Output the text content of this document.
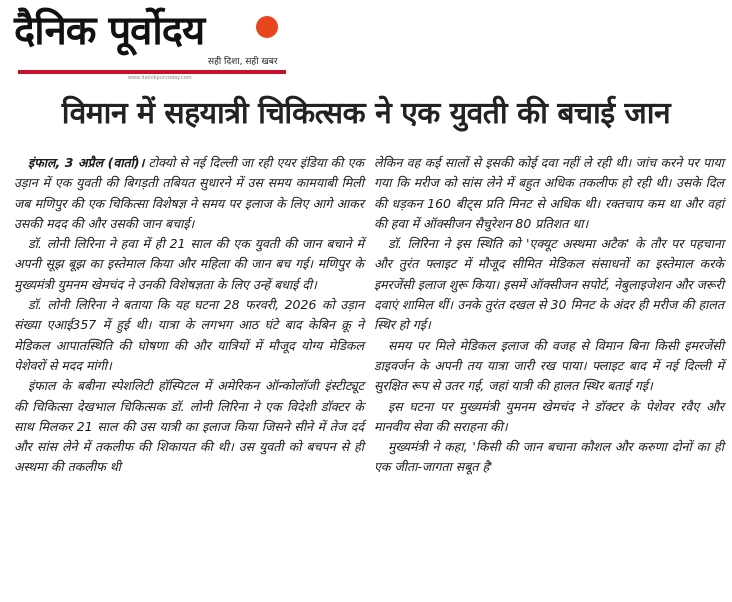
दैनिक पूर्वोदय
सही दिशा, सही खबर
www.dainikpurvoday.com
विमान में सहयात्री चिकित्सक ने एक युवती की बचाई जान

इंफाल, 3 अप्रैल (वार्ता)। टोक्यो से नई दिल्ली जा रही एयर इंडिया की एक उड़ान में एक युवती की बिगड़ती तबियत सुधारने में उस समय कामयाबी मिली जब मणिपुर की एक चिकित्सा विशेषज्ञ ने समय पर इलाज के लिए आगे आकर उसकी मदद की और उसकी जान बचाई।

डॉ. लोनी लिरिना ने हवा में ही 21 साल की एक युवती की जान बचाने में अपनी सूझ बूझ का इस्तेमाल किया और महिला की जान बच गई। मणिपुर के मुख्यमंत्री युमनम खेमचंद ने उनकी विशेषज्ञता के लिए उन्हें बधाई दी।

डॉ. लोनी लिरिना ने बताया कि यह घटना 28 फरवरी, 2026 को उड़ान संख्या एआई357 में हुई थी। यात्रा के लगभग आठ घंटे बाद केबिन क्रू ने मेडिकल आपातस्थिति की घोषणा की और यात्रियों में मौजूद योग्य मेडिकल पेशेवरों से मदद मांगी।

इंफाल के बबीना स्पेशलिटी हॉस्पिटल में अमेरिकन ऑन्कोलॉजी इंस्टीट्यूट की चिकित्सा देखभाल चिकित्सक डॉ. लोनी लिरिना ने एक विदेशी डॉक्टर के साथ मिलकर 21 साल की उस यात्री का इलाज किया जिसने सीने में तेज दर्द और सांस लेने में तकलीफ की शिकायत की थी। उस युवती को बचपन से ही अस्थमा की तकलीफ थी

लेकिन वह कई सालों से इसकी कोई दवा नहीं ले रही थी। जांच करने पर पाया गया कि मरीज को सांस लेने में बहुत अधिक तकलीफ हो रही थी। उसके दिल की धड़कन 160 बीट्स प्रति मिनट से अधिक थी। रक्तचाप कम था और वहां की हवा में ऑक्सीजन सैचुरेशन 80 प्रतिशत था।

डॉ. लिरिना ने इस स्थिति को 'एक्यूट अस्थमा अटैक' के तौर पर पहचाना और तुरंत फ्लाइट में मौजूद सीमित मेडिकल संसाधनों का इस्तेमाल करके इमरजेंसी इलाज शुरू किया। इसमें ऑक्सीजन सपोर्ट, नेबुलाइजेशन और जरूरी दवाएं शामिल थीं। उनके तुरंत दखल से 30 मिनट के अंदर ही मरीज की हालत स्थिर हो गई।

समय पर मिले मेडिकल इलाज की वजह से विमान बिना किसी इमरजेंसी डाइवर्जन के अपनी तय यात्रा जारी रख पाया। फ्लाइट बाद में नई दिल्ली में सुरक्षित रूप से उतर गई, जहां यात्री की हालत स्थिर बताई गई।

इस घटना पर मुख्यमंत्री युमनम खेमचंद ने डॉक्टर के पेशेवर रवैए और मानवीय सेवा की सराहना की।

मुख्यमंत्री ने कहा, 'किसी की जान बचाना कौशल और करुणा दोनों का ही एक जीता-जागता सबूत है'
